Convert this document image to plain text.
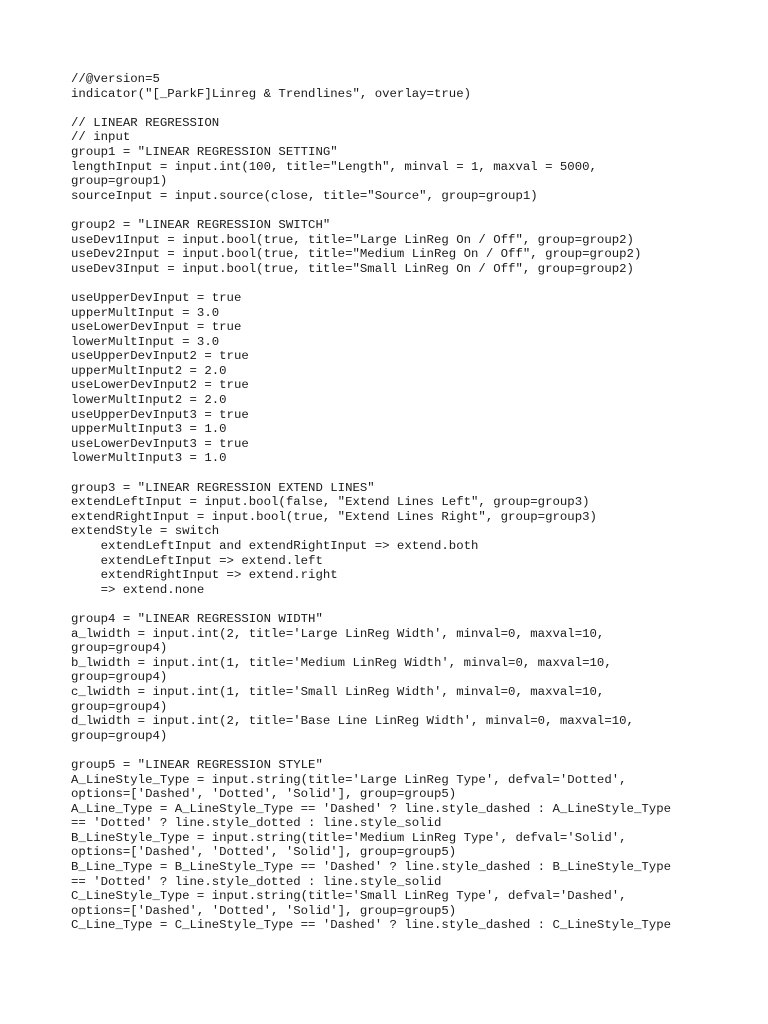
//@version=5
indicator("[_ParkF]Linreg & Trendlines", overlay=true)
// LINEAR REGRESSION
// input
group1 = "LINEAR REGRESSION SETTING"
lengthInput = input.int(100, title="Length", minval = 1, maxval = 5000,
group=group1)
sourceInput = input.source(close, title="Source", group=group1)
group2 = "LINEAR REGRESSION SWITCH"
useDev1Input = input.bool(true, title="Large LinReg On / Off", group=group2)
useDev2Input = input.bool(true, title="Medium LinReg On / Off", group=group2)
useDev3Input = input.bool(true, title="Small LinReg On / Off", group=group2)
useUpperDevInput = true
upperMultInput = 3.0
useLowerDevInput = true
lowerMultInput = 3.0
useUpperDevInput2 = true
upperMultInput2 = 2.0
useLowerDevInput2 = true
lowerMultInput2 = 2.0
useUpperDevInput3 = true
upperMultInput3 = 1.0
useLowerDevInput3 = true
lowerMultInput3 = 1.0
group3 = "LINEAR REGRESSION EXTEND LINES"
extendLeftInput = input.bool(false, "Extend Lines Left", group=group3)
extendRightInput = input.bool(true, "Extend Lines Right", group=group3)
extendStyle = switch
extendLeftInput and extendRightInput => extend.both
extendLeftInput => extend.left
extendRightInput => extend.right
=> extend.none
group4 = "LINEAR REGRESSION WIDTH"
a_lwidth = input.int(2, title='Large LinReg Width', minval=0, maxval=10,
group=group4)
b_lwidth = input.int(1, title='Medium LinReg Width', minval=0, maxval=10,
group=group4)
c_lwidth = input.int(1, title='Small LinReg Width', minval=0, maxval=10,
group=group4)
d_lwidth = input.int(2, title='Base Line LinReg Width', minval=0, maxval=10,
group=group4)
group5 = "LINEAR REGRESSION STYLE"
A_LineStyle_Type = input.string(title='Large LinReg Type', defval='Dotted',
options=['Dashed', 'Dotted', 'Solid'], group=group5)
A_Line_Type = A_LineStyle_Type == 'Dashed' ? line.style_dashed : A_LineStyle_Type
== 'Dotted' ? line.style_dotted : line.style_solid
B_LineStyle_Type = input.string(title='Medium LinReg Type', defval='Solid',
options=['Dashed', 'Dotted', 'Solid'], group=group5)
B_Line_Type = B_LineStyle_Type == 'Dashed' ? line.style_dashed : B_LineStyle_Type
== 'Dotted' ? line.style_dotted : line.style_solid
C_LineStyle_Type = input.string(title='Small LinReg Type', defval='Dashed',
options=['Dashed', 'Dotted', 'Solid'], group=group5)
C_Line_Type = C_LineStyle_Type == 'Dashed' ? line.style_dashed : C_LineStyle_Type
